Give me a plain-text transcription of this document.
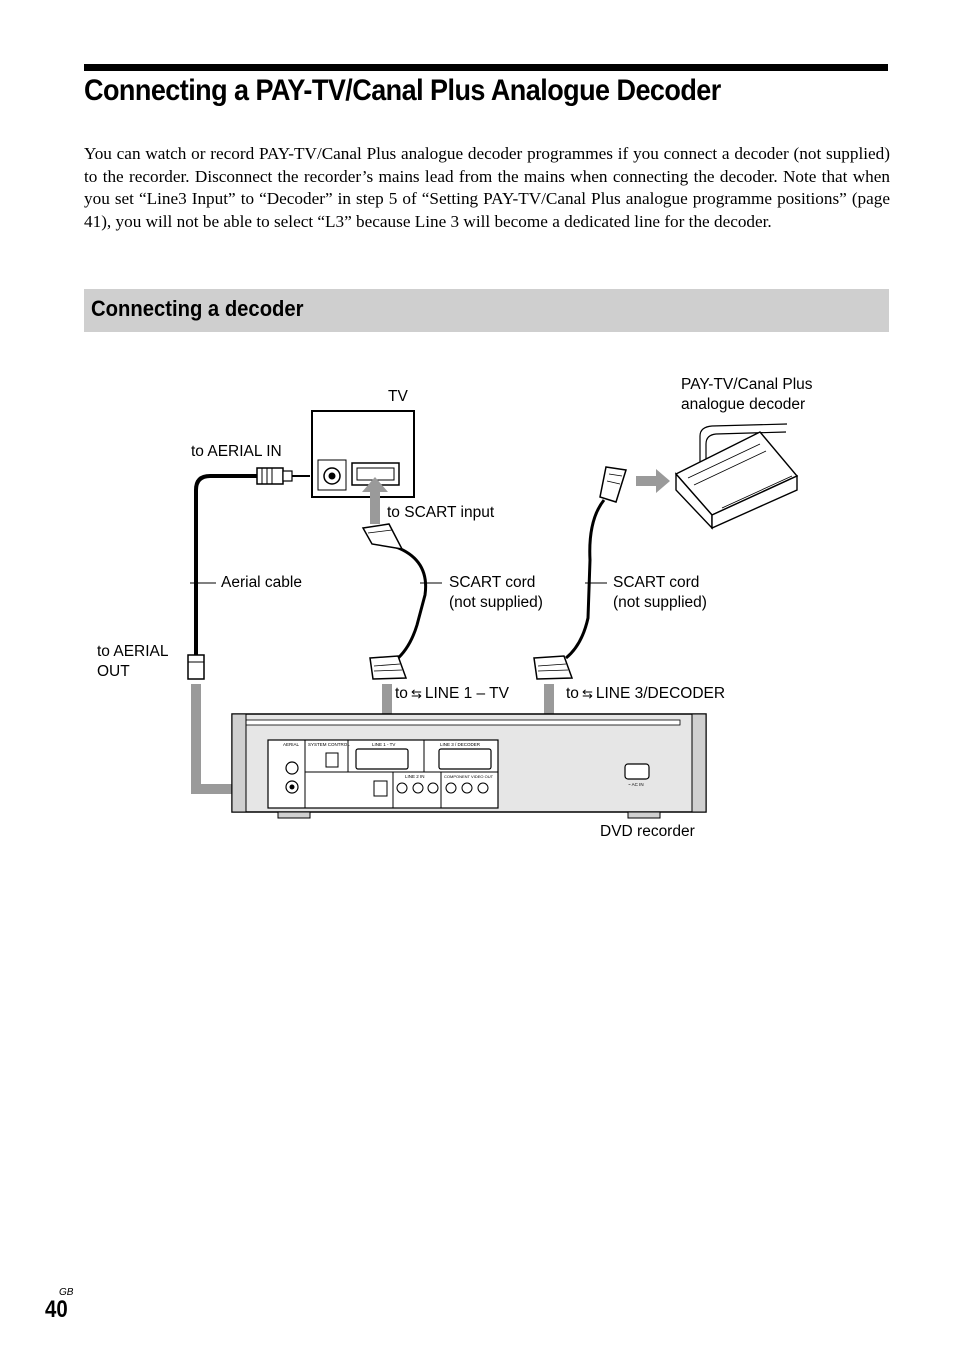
Connecting a PAY-TV/Canal Plus Analogue Decoder

You can watch or record PAY-TV/Canal Plus analogue decoder programmes if you connect a decoder (not supplied) to the recorder. Disconnect the recorder’s mains lead from the mains when connecting the decoder. Note that when you set “Line3 Input” to “Decoder” in step 5 of “Setting PAY-TV/Canal Plus analogue programme positions” (page 41), you will not be able to select “L3” because Line 3 will become a dedicated line for the decoder.

Connecting a decoder
AERIAL SYSTEM CONTROL	LINE 1 - TV	LINE 3 / DECODER
LINE 2 IN	COMPONENT VIDEO OUT
~ AC IN

TV

PAY-TV/Canal Plus
analogue decoder

to AERIAL IN

to SCART input

Aerial cable	SCART cord
(not supplied)
SCART cord
(not supplied)
to AERIAL
OUT

to ⇆ LINE 1 – TV	to ⇆ LINE 3/DECODER

DVD recorder

GB
40
